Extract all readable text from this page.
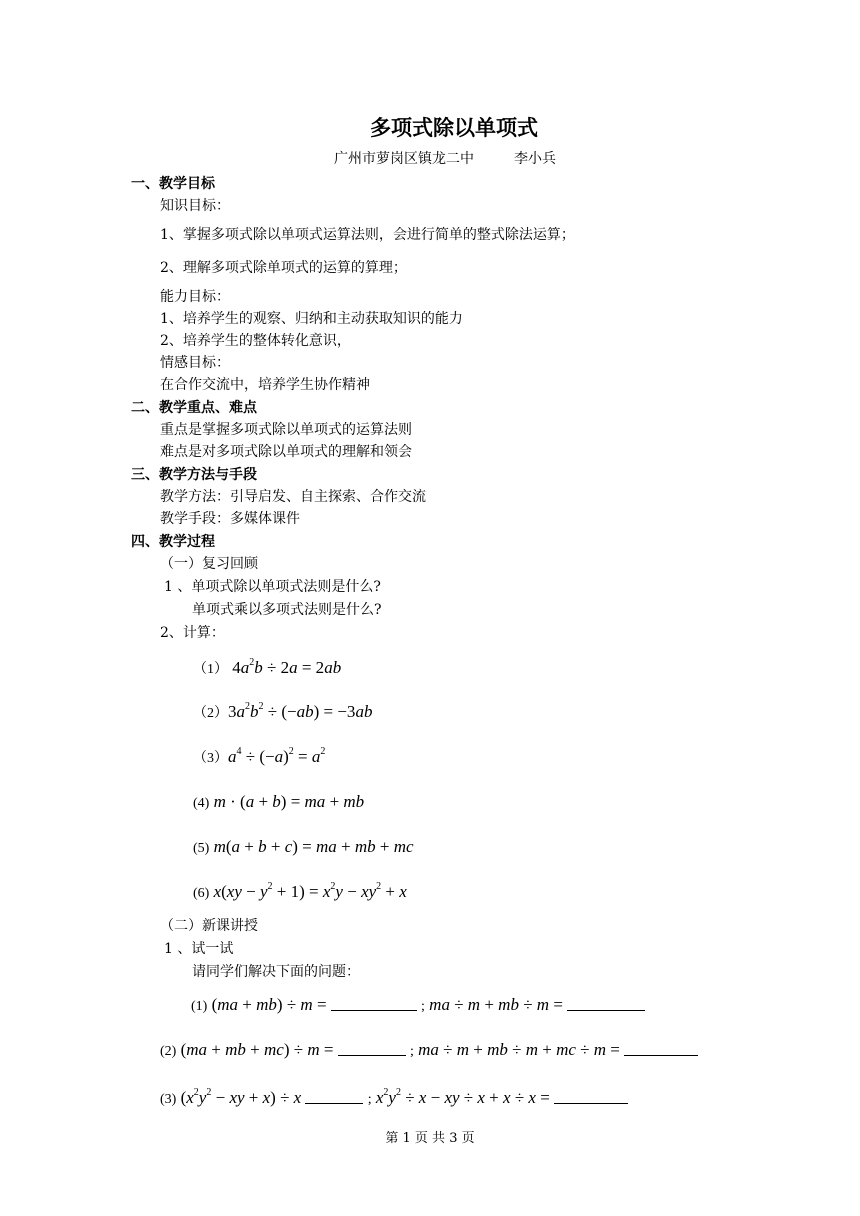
多项式除以单项式
广州市萝岗区镇龙二中	李小兵
一、教学目标
知识目标：
1、掌握多项式除以单项式运算法则，会进行简单的整式除法运算；
2、理解多项式除单项式的运算的算理；
能力目标：
1、培养学生的观察、归纳和主动获取知识的能力
2、培养学生的整体转化意识，
情感目标：
在合作交流中，培养学生协作精神
二、教学重点、难点
重点是掌握多项式除以单项式的运算法则
难点是对多项式除以单项式的理解和领会
三、教学方法与手段
教学方法：引导启发、自主探索、合作交流
教学手段：多媒体课件
四、教学过程
（一）复习回顾
1 、单项式除以单项式法则是什么?
单项式乘以多项式法则是什么?
2、计算：
（1） $4a^2b \div 2a = 2ab$
$(2)3a^2b^2 \div (-ab) = -3ab$
$(3)a^4 \div (-a)^2 = a^2$
(4) m · (a + b) = ma + mb
(5) m(a + b + c) = ma + mb + mc
(6) $x(xy - y^2 + 1) = x^2y - xy^2 + x$
（二）新课讲授
1 、试一试
请同学们解决下面的问题：
(1) (ma + mb) ÷ m =	; ma ÷ m + mb ÷ m =
(2) (ma + mb + mc) ÷ m =	; ma ÷ m + mb ÷ m + mc ÷ m =
(3) ($x^2y^2$ − xy + x) ÷ x	; $x^2y^2 \div x$ − xy ÷ x + x ÷ x =
第 1 页 共 3 页
